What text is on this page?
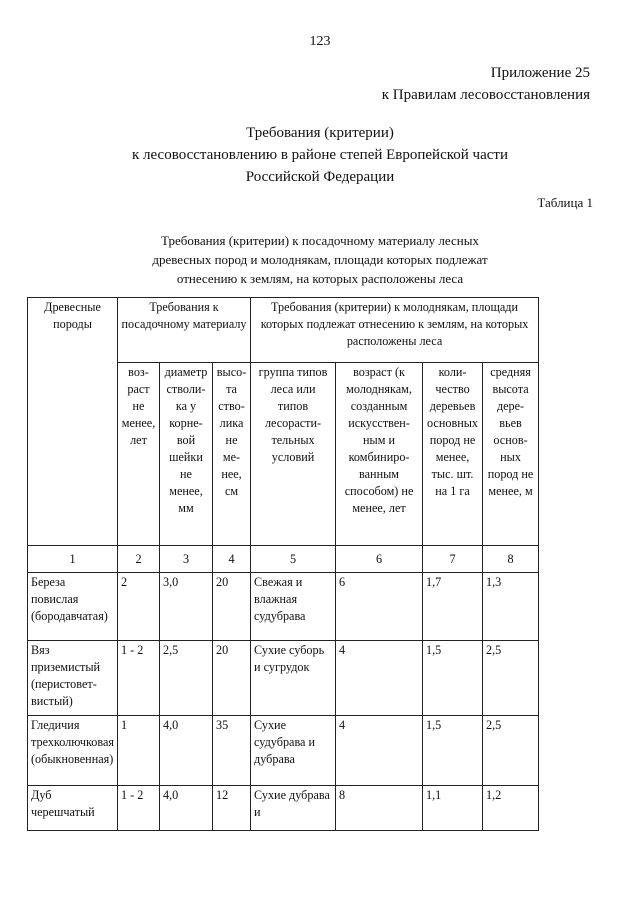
123
Приложение 25
к Правилам лесовосстановления
Требования (критерии)
к лесовосстановлению в районе степей Европейской части
Российской Федерации
Таблица 1
Требования (критерии) к посадочному материалу лесных
древесных пород и молоднякам, площади которых подлежат
отнесению к землям, на которых расположены леса
Древесные породы	Требования к посадочному материалу			Требования (критерии) к молоднякам, площади которых подлежат отнесению к землям, на которых расположены леса			
	воз-раст не менее, лет	диаметр стволи-ка у корне-вой шейки не менее, мм	высо-та ство-лика не ме-нее, см	группа типов леса или типов лесорасти-тельных условий	возраст (к молоднякам, созданным искусствен-ным и комбиниро-ванным способом) не менее, лет	коли-чество деревьев основных пород не менее, тыс. шт. на 1 га	средняя высота дере-вьев основ-ных пород не менее, м
1	2	3	4	5	6	7	8
Береза повислая (бородавчатая)	2	3,0	20	Свежая и влажная судубрава	6	1,7	1,3
Вяз приземистый (перистовет-вистый)	1 - 2	2,5	20	Сухие суборь и сугрудок	4	1,5	2,5
Гледичия трехколючковая (обыкновенная)	1	4,0	35	Сухие судубрава и дубрава	4	1,5	2,5
Дуб черешчатый	1 - 2	4,0	12	Сухие дубрава и	8	1,1	1,2
